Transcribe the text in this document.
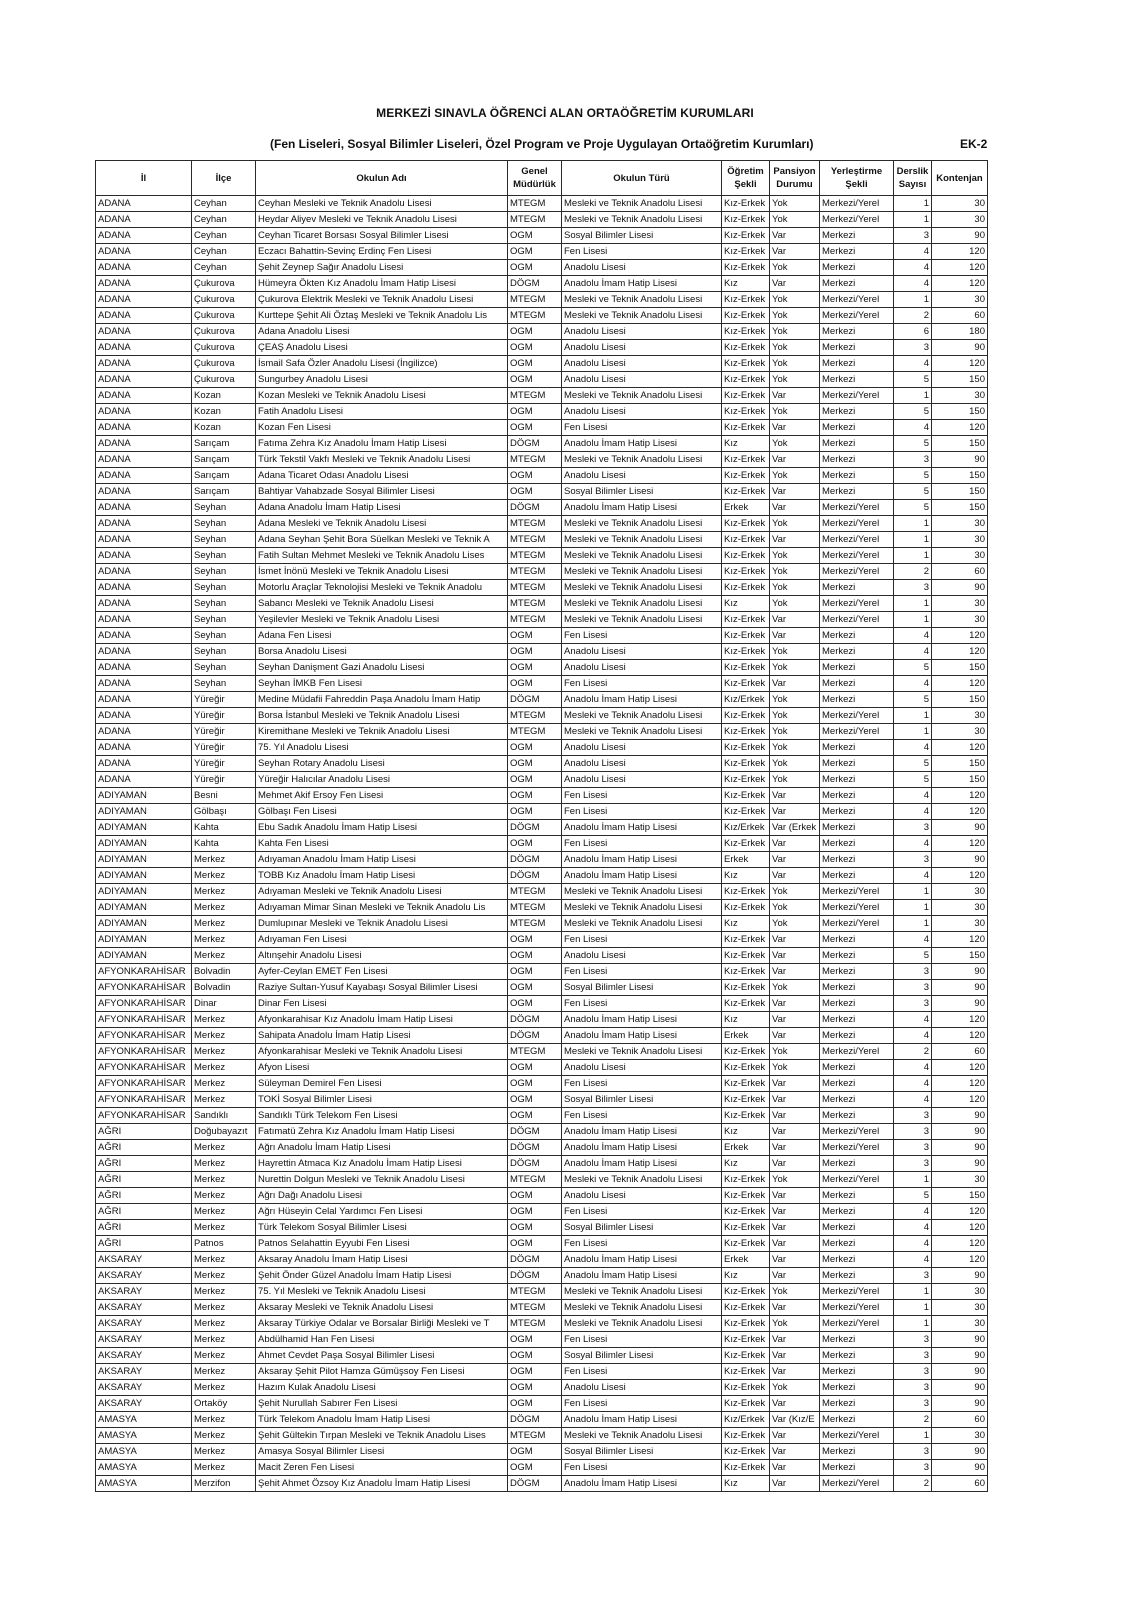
MERKEZİ SINAVLA ÖĞRENCİ ALAN ORTAÖĞRETİM KURUMLARI
(Fen Liseleri, Sosyal Bilimler Liseleri, Özel Program ve Proje Uygulayan Ortaöğretim Kurumları)	EK-2
İl	İlçe	Okulun Adı	Genel Müdürlük	Okulun Türü	Öğretim Şekli	Pansiyon Durumu	Yerleştirme Şekli	Derslik Sayısı	Kontenjan
ADANA	Ceyhan	Ceyhan Mesleki ve Teknik Anadolu Lisesi	MTEGM	Mesleki ve Teknik Anadolu Lisesi	Kız-Erkek	Yok	Merkezi/Yerel	1	30
ADANA	Ceyhan	Heydar Aliyev Mesleki ve Teknik Anadolu Lisesi	MTEGM	Mesleki ve Teknik Anadolu Lisesi	Kız-Erkek	Yok	Merkezi/Yerel	1	30
ADANA	Ceyhan	Ceyhan Ticaret Borsası Sosyal Bilimler Lisesi	OGM	Sosyal Bilimler Lisesi	Kız-Erkek	Var	Merkezi	3	90
ADANA	Ceyhan	Eczacı Bahattin-Sevinç Erdinç Fen Lisesi	OGM	Fen Lisesi	Kız-Erkek	Var	Merkezi	4	120
ADANA	Ceyhan	Şehit Zeynep Sağır Anadolu Lisesi	OGM	Anadolu Lisesi	Kız-Erkek	Yok	Merkezi	4	120
ADANA	Çukurova	Hümeyra Ökten Kız Anadolu İmam Hatip Lisesi	DÖGM	Anadolu İmam Hatip Lisesi	Kız	Var	Merkezi	4	120
ADANA	Çukurova	Çukurova Elektrik Mesleki ve Teknik Anadolu Lisesi	MTEGM	Mesleki ve Teknik Anadolu Lisesi	Kız-Erkek	Yok	Merkezi/Yerel	1	30
ADANA	Çukurova	Kurttepe Şehit Ali Öztaş Mesleki ve Teknik Anadolu Lis	MTEGM	Mesleki ve Teknik Anadolu Lisesi	Kız-Erkek	Yok	Merkezi/Yerel	2	60
ADANA	Çukurova	Adana Anadolu Lisesi	OGM	Anadolu Lisesi	Kız-Erkek	Yok	Merkezi	6	180
ADANA	Çukurova	ÇEAŞ Anadolu Lisesi	OGM	Anadolu Lisesi	Kız-Erkek	Yok	Merkezi	3	90
ADANA	Çukurova	İsmail Safa Özler Anadolu Lisesi (İngilizce)	OGM	Anadolu Lisesi	Kız-Erkek	Yok	Merkezi	4	120
ADANA	Çukurova	Sungurbey Anadolu Lisesi	OGM	Anadolu Lisesi	Kız-Erkek	Yok	Merkezi	5	150
ADANA	Kozan	Kozan Mesleki ve Teknik Anadolu Lisesi	MTEGM	Mesleki ve Teknik Anadolu Lisesi	Kız-Erkek	Var	Merkezi/Yerel	1	30
ADANA	Kozan	Fatih Anadolu Lisesi	OGM	Anadolu Lisesi	Kız-Erkek	Yok	Merkezi	5	150
ADANA	Kozan	Kozan Fen Lisesi	OGM	Fen Lisesi	Kız-Erkek	Var	Merkezi	4	120
ADANA	Sarıçam	Fatıma Zehra Kız Anadolu İmam Hatip Lisesi	DÖGM	Anadolu İmam Hatip Lisesi	Kız	Yok	Merkezi	5	150
ADANA	Sarıçam	Türk Tekstil Vakfı Mesleki ve Teknik Anadolu Lisesi	MTEGM	Mesleki ve Teknik Anadolu Lisesi	Kız-Erkek	Var	Merkezi	3	90
ADANA	Sarıçam	Adana Ticaret Odası Anadolu Lisesi	OGM	Anadolu Lisesi	Kız-Erkek	Yok	Merkezi	5	150
ADANA	Sarıçam	Bahtiyar Vahabzade Sosyal Bilimler Lisesi	OGM	Sosyal Bilimler Lisesi	Kız-Erkek	Var	Merkezi	5	150
ADANA	Seyhan	Adana Anadolu İmam Hatip Lisesi	DÖGM	Anadolu İmam Hatip Lisesi	Erkek	Var	Merkezi/Yerel	5	150
ADANA	Seyhan	Adana Mesleki ve Teknik Anadolu Lisesi	MTEGM	Mesleki ve Teknik Anadolu Lisesi	Kız-Erkek	Yok	Merkezi/Yerel	1	30
ADANA	Seyhan	Adana Seyhan Şehit Bora Süelkan Mesleki ve Teknik A	MTEGM	Mesleki ve Teknik Anadolu Lisesi	Kız-Erkek	Var	Merkezi/Yerel	1	30
ADANA	Seyhan	Fatih Sultan Mehmet Mesleki ve Teknik Anadolu Lises	MTEGM	Mesleki ve Teknik Anadolu Lisesi	Kız-Erkek	Yok	Merkezi/Yerel	1	30
ADANA	Seyhan	İsmet İnönü Mesleki ve Teknik Anadolu Lisesi	MTEGM	Mesleki ve Teknik Anadolu Lisesi	Kız-Erkek	Yok	Merkezi/Yerel	2	60
ADANA	Seyhan	Motorlu Araçlar Teknolojisi Mesleki ve Teknik Anadolu	MTEGM	Mesleki ve Teknik Anadolu Lisesi	Kız-Erkek	Yok	Merkezi	3	90
ADANA	Seyhan	Sabancı Mesleki ve Teknik Anadolu Lisesi	MTEGM	Mesleki ve Teknik Anadolu Lisesi	Kız	Yok	Merkezi/Yerel	1	30
ADANA	Seyhan	Yeşilevler Mesleki ve Teknik Anadolu Lisesi	MTEGM	Mesleki ve Teknik Anadolu Lisesi	Kız-Erkek	Var	Merkezi/Yerel	1	30
ADANA	Seyhan	Adana Fen Lisesi	OGM	Fen Lisesi	Kız-Erkek	Var	Merkezi	4	120
ADANA	Seyhan	Borsa Anadolu Lisesi	OGM	Anadolu Lisesi	Kız-Erkek	Yok	Merkezi	4	120
ADANA	Seyhan	Seyhan Danişment Gazi Anadolu Lisesi	OGM	Anadolu Lisesi	Kız-Erkek	Yok	Merkezi	5	150
ADANA	Seyhan	Seyhan İMKB Fen Lisesi	OGM	Fen Lisesi	Kız-Erkek	Var	Merkezi	4	120
ADANA	Yüreğir	Medine Müdafii Fahreddin Paşa Anadolu İmam Hatip	DÖGM	Anadolu İmam Hatip Lisesi	Kız/Erkek	Yok	Merkezi	5	150
ADANA	Yüreğir	Borsa İstanbul Mesleki ve Teknik Anadolu Lisesi	MTEGM	Mesleki ve Teknik Anadolu Lisesi	Kız-Erkek	Yok	Merkezi/Yerel	1	30
ADANA	Yüreğir	Kiremithane Mesleki ve Teknik Anadolu Lisesi	MTEGM	Mesleki ve Teknik Anadolu Lisesi	Kız-Erkek	Yok	Merkezi/Yerel	1	30
ADANA	Yüreğir	75. Yıl Anadolu Lisesi	OGM	Anadolu Lisesi	Kız-Erkek	Yok	Merkezi	4	120
ADANA	Yüreğir	Seyhan Rotary Anadolu Lisesi	OGM	Anadolu Lisesi	Kız-Erkek	Yok	Merkezi	5	150
ADANA	Yüreğir	Yüreğir Halıcılar Anadolu Lisesi	OGM	Anadolu Lisesi	Kız-Erkek	Yok	Merkezi	5	150
ADIYAMAN	Besni	Mehmet Akif Ersoy Fen Lisesi	OGM	Fen Lisesi	Kız-Erkek	Var	Merkezi	4	120
ADIYAMAN	Gölbaşı	Gölbaşı Fen Lisesi	OGM	Fen Lisesi	Kız-Erkek	Var	Merkezi	4	120
ADIYAMAN	Kahta	Ebu Sadık Anadolu İmam Hatip Lisesi	DÖGM	Anadolu İmam Hatip Lisesi	Kız/Erkek	Var (Erkek	Merkezi	3	90
ADIYAMAN	Kahta	Kahta Fen Lisesi	OGM	Fen Lisesi	Kız-Erkek	Var	Merkezi	4	120
ADIYAMAN	Merkez	Adıyaman Anadolu İmam Hatip Lisesi	DÖGM	Anadolu İmam Hatip Lisesi	Erkek	Var	Merkezi	3	90
ADIYAMAN	Merkez	TOBB Kız Anadolu İmam Hatip Lisesi	DÖGM	Anadolu İmam Hatip Lisesi	Kız	Var	Merkezi	4	120
ADIYAMAN	Merkez	Adıyaman Mesleki ve Teknik Anadolu Lisesi	MTEGM	Mesleki ve Teknik Anadolu Lisesi	Kız-Erkek	Yok	Merkezi/Yerel	1	30
ADIYAMAN	Merkez	Adıyaman Mimar Sinan Mesleki ve Teknik Anadolu Lis	MTEGM	Mesleki ve Teknik Anadolu Lisesi	Kız-Erkek	Yok	Merkezi/Yerel	1	30
ADIYAMAN	Merkez	Dumlupınar Mesleki ve Teknik Anadolu Lisesi	MTEGM	Mesleki ve Teknik Anadolu Lisesi	Kız	Yok	Merkezi/Yerel	1	30
ADIYAMAN	Merkez	Adıyaman Fen Lisesi	OGM	Fen Lisesi	Kız-Erkek	Var	Merkezi	4	120
ADIYAMAN	Merkez	Altınşehir Anadolu Lisesi	OGM	Anadolu Lisesi	Kız-Erkek	Var	Merkezi	5	150
AFYONKARAHİSAR	Bolvadin	Ayfer-Ceylan EMET Fen Lisesi	OGM	Fen Lisesi	Kız-Erkek	Var	Merkezi	3	90
AFYONKARAHİSAR	Bolvadin	Raziye Sultan-Yusuf Kayabaşı Sosyal Bilimler Lisesi	OGM	Sosyal Bilimler Lisesi	Kız-Erkek	Yok	Merkezi	3	90
AFYONKARAHİSAR	Dinar	Dinar Fen Lisesi	OGM	Fen Lisesi	Kız-Erkek	Var	Merkezi	3	90
AFYONKARAHİSAR	Merkez	Afyonkarahisar Kız Anadolu İmam Hatip Lisesi	DÖGM	Anadolu İmam Hatip Lisesi	Kız	Var	Merkezi	4	120
AFYONKARAHİSAR	Merkez	Sahipata Anadolu İmam Hatip Lisesi	DÖGM	Anadolu İmam Hatip Lisesi	Erkek	Var	Merkezi	4	120
AFYONKARAHİSAR	Merkez	Afyonkarahisar Mesleki ve Teknik Anadolu Lisesi	MTEGM	Mesleki ve Teknik Anadolu Lisesi	Kız-Erkek	Yok	Merkezi/Yerel	2	60
AFYONKARAHİSAR	Merkez	Afyon Lisesi	OGM	Anadolu Lisesi	Kız-Erkek	Yok	Merkezi	4	120
AFYONKARAHİSAR	Merkez	Süleyman Demirel Fen Lisesi	OGM	Fen Lisesi	Kız-Erkek	Var	Merkezi	4	120
AFYONKARAHİSAR	Merkez	TOKİ Sosyal Bilimler Lisesi	OGM	Sosyal Bilimler Lisesi	Kız-Erkek	Var	Merkezi	4	120
AFYONKARAHİSAR	Sandıklı	Sandıklı Türk Telekom Fen Lisesi	OGM	Fen Lisesi	Kız-Erkek	Var	Merkezi	3	90
AĞRI	Doğubayazıt	Fatımatü Zehra Kız Anadolu İmam Hatip Lisesi	DÖGM	Anadolu İmam Hatip Lisesi	Kız	Var	Merkezi/Yerel	3	90
AĞRI	Merkez	Ağrı Anadolu İmam Hatip Lisesi	DÖGM	Anadolu İmam Hatip Lisesi	Erkek	Var	Merkezi/Yerel	3	90
AĞRI	Merkez	Hayrettin Atmaca Kız Anadolu İmam Hatip Lisesi	DÖGM	Anadolu İmam Hatip Lisesi	Kız	Var	Merkezi	3	90
AĞRI	Merkez	Nurettin Dolgun Mesleki ve Teknik Anadolu Lisesi	MTEGM	Mesleki ve Teknik Anadolu Lisesi	Kız-Erkek	Yok	Merkezi/Yerel	1	30
AĞRI	Merkez	Ağrı Dağı Anadolu Lisesi	OGM	Anadolu Lisesi	Kız-Erkek	Var	Merkezi	5	150
AĞRI	Merkez	Ağrı Hüseyin Celal Yardımcı Fen Lisesi	OGM	Fen Lisesi	Kız-Erkek	Var	Merkezi	4	120
AĞRI	Merkez	Türk Telekom Sosyal Bilimler Lisesi	OGM	Sosyal Bilimler Lisesi	Kız-Erkek	Var	Merkezi	4	120
AĞRI	Patnos	Patnos Selahattin Eyyubi Fen Lisesi	OGM	Fen Lisesi	Kız-Erkek	Var	Merkezi	4	120
AKSARAY	Merkez	Aksaray Anadolu İmam Hatip Lisesi	DÖGM	Anadolu İmam Hatip Lisesi	Erkek	Var	Merkezi	4	120
AKSARAY	Merkez	Şehit Önder Güzel Anadolu İmam Hatip Lisesi	DÖGM	Anadolu İmam Hatip Lisesi	Kız	Var	Merkezi	3	90
AKSARAY	Merkez	75. Yıl Mesleki ve Teknik Anadolu Lisesi	MTEGM	Mesleki ve Teknik Anadolu Lisesi	Kız-Erkek	Yok	Merkezi/Yerel	1	30
AKSARAY	Merkez	Aksaray Mesleki ve Teknik Anadolu Lisesi	MTEGM	Mesleki ve Teknik Anadolu Lisesi	Kız-Erkek	Var	Merkezi/Yerel	1	30
AKSARAY	Merkez	Aksaray Türkiye Odalar ve Borsalar Birliği Mesleki ve T	MTEGM	Mesleki ve Teknik Anadolu Lisesi	Kız-Erkek	Yok	Merkezi/Yerel	1	30
AKSARAY	Merkez	Abdülhamid Han Fen Lisesi	OGM	Fen Lisesi	Kız-Erkek	Var	Merkezi	3	90
AKSARAY	Merkez	Ahmet Cevdet Paşa Sosyal Bilimler Lisesi	OGM	Sosyal Bilimler Lisesi	Kız-Erkek	Var	Merkezi	3	90
AKSARAY	Merkez	Aksaray Şehit Pilot Hamza Gümüşsoy Fen Lisesi	OGM	Fen Lisesi	Kız-Erkek	Var	Merkezi	3	90
AKSARAY	Merkez	Hazım Kulak Anadolu Lisesi	OGM	Anadolu Lisesi	Kız-Erkek	Yok	Merkezi	3	90
AKSARAY	Ortaköy	Şehit Nurullah Sabırer Fen Lisesi	OGM	Fen Lisesi	Kız-Erkek	Var	Merkezi	3	90
AMASYA	Merkez	Türk Telekom Anadolu İmam Hatip Lisesi	DÖGM	Anadolu İmam Hatip Lisesi	Kız/Erkek	Var (Kız/E	Merkezi	2	60
AMASYA	Merkez	Şehit Gültekin Tırpan Mesleki ve Teknik Anadolu Lises	MTEGM	Mesleki ve Teknik Anadolu Lisesi	Kız-Erkek	Var	Merkezi/Yerel	1	30
AMASYA	Merkez	Amasya Sosyal Bilimler Lisesi	OGM	Sosyal Bilimler Lisesi	Kız-Erkek	Var	Merkezi	3	90
AMASYA	Merkez	Macit Zeren Fen Lisesi	OGM	Fen Lisesi	Kız-Erkek	Var	Merkezi	3	90
AMASYA	Merzifon	Şehit Ahmet Özsoy Kız Anadolu İmam Hatip Lisesi	DÖGM	Anadolu İmam Hatip Lisesi	Kız	Var	Merkezi/Yerel	2	60
